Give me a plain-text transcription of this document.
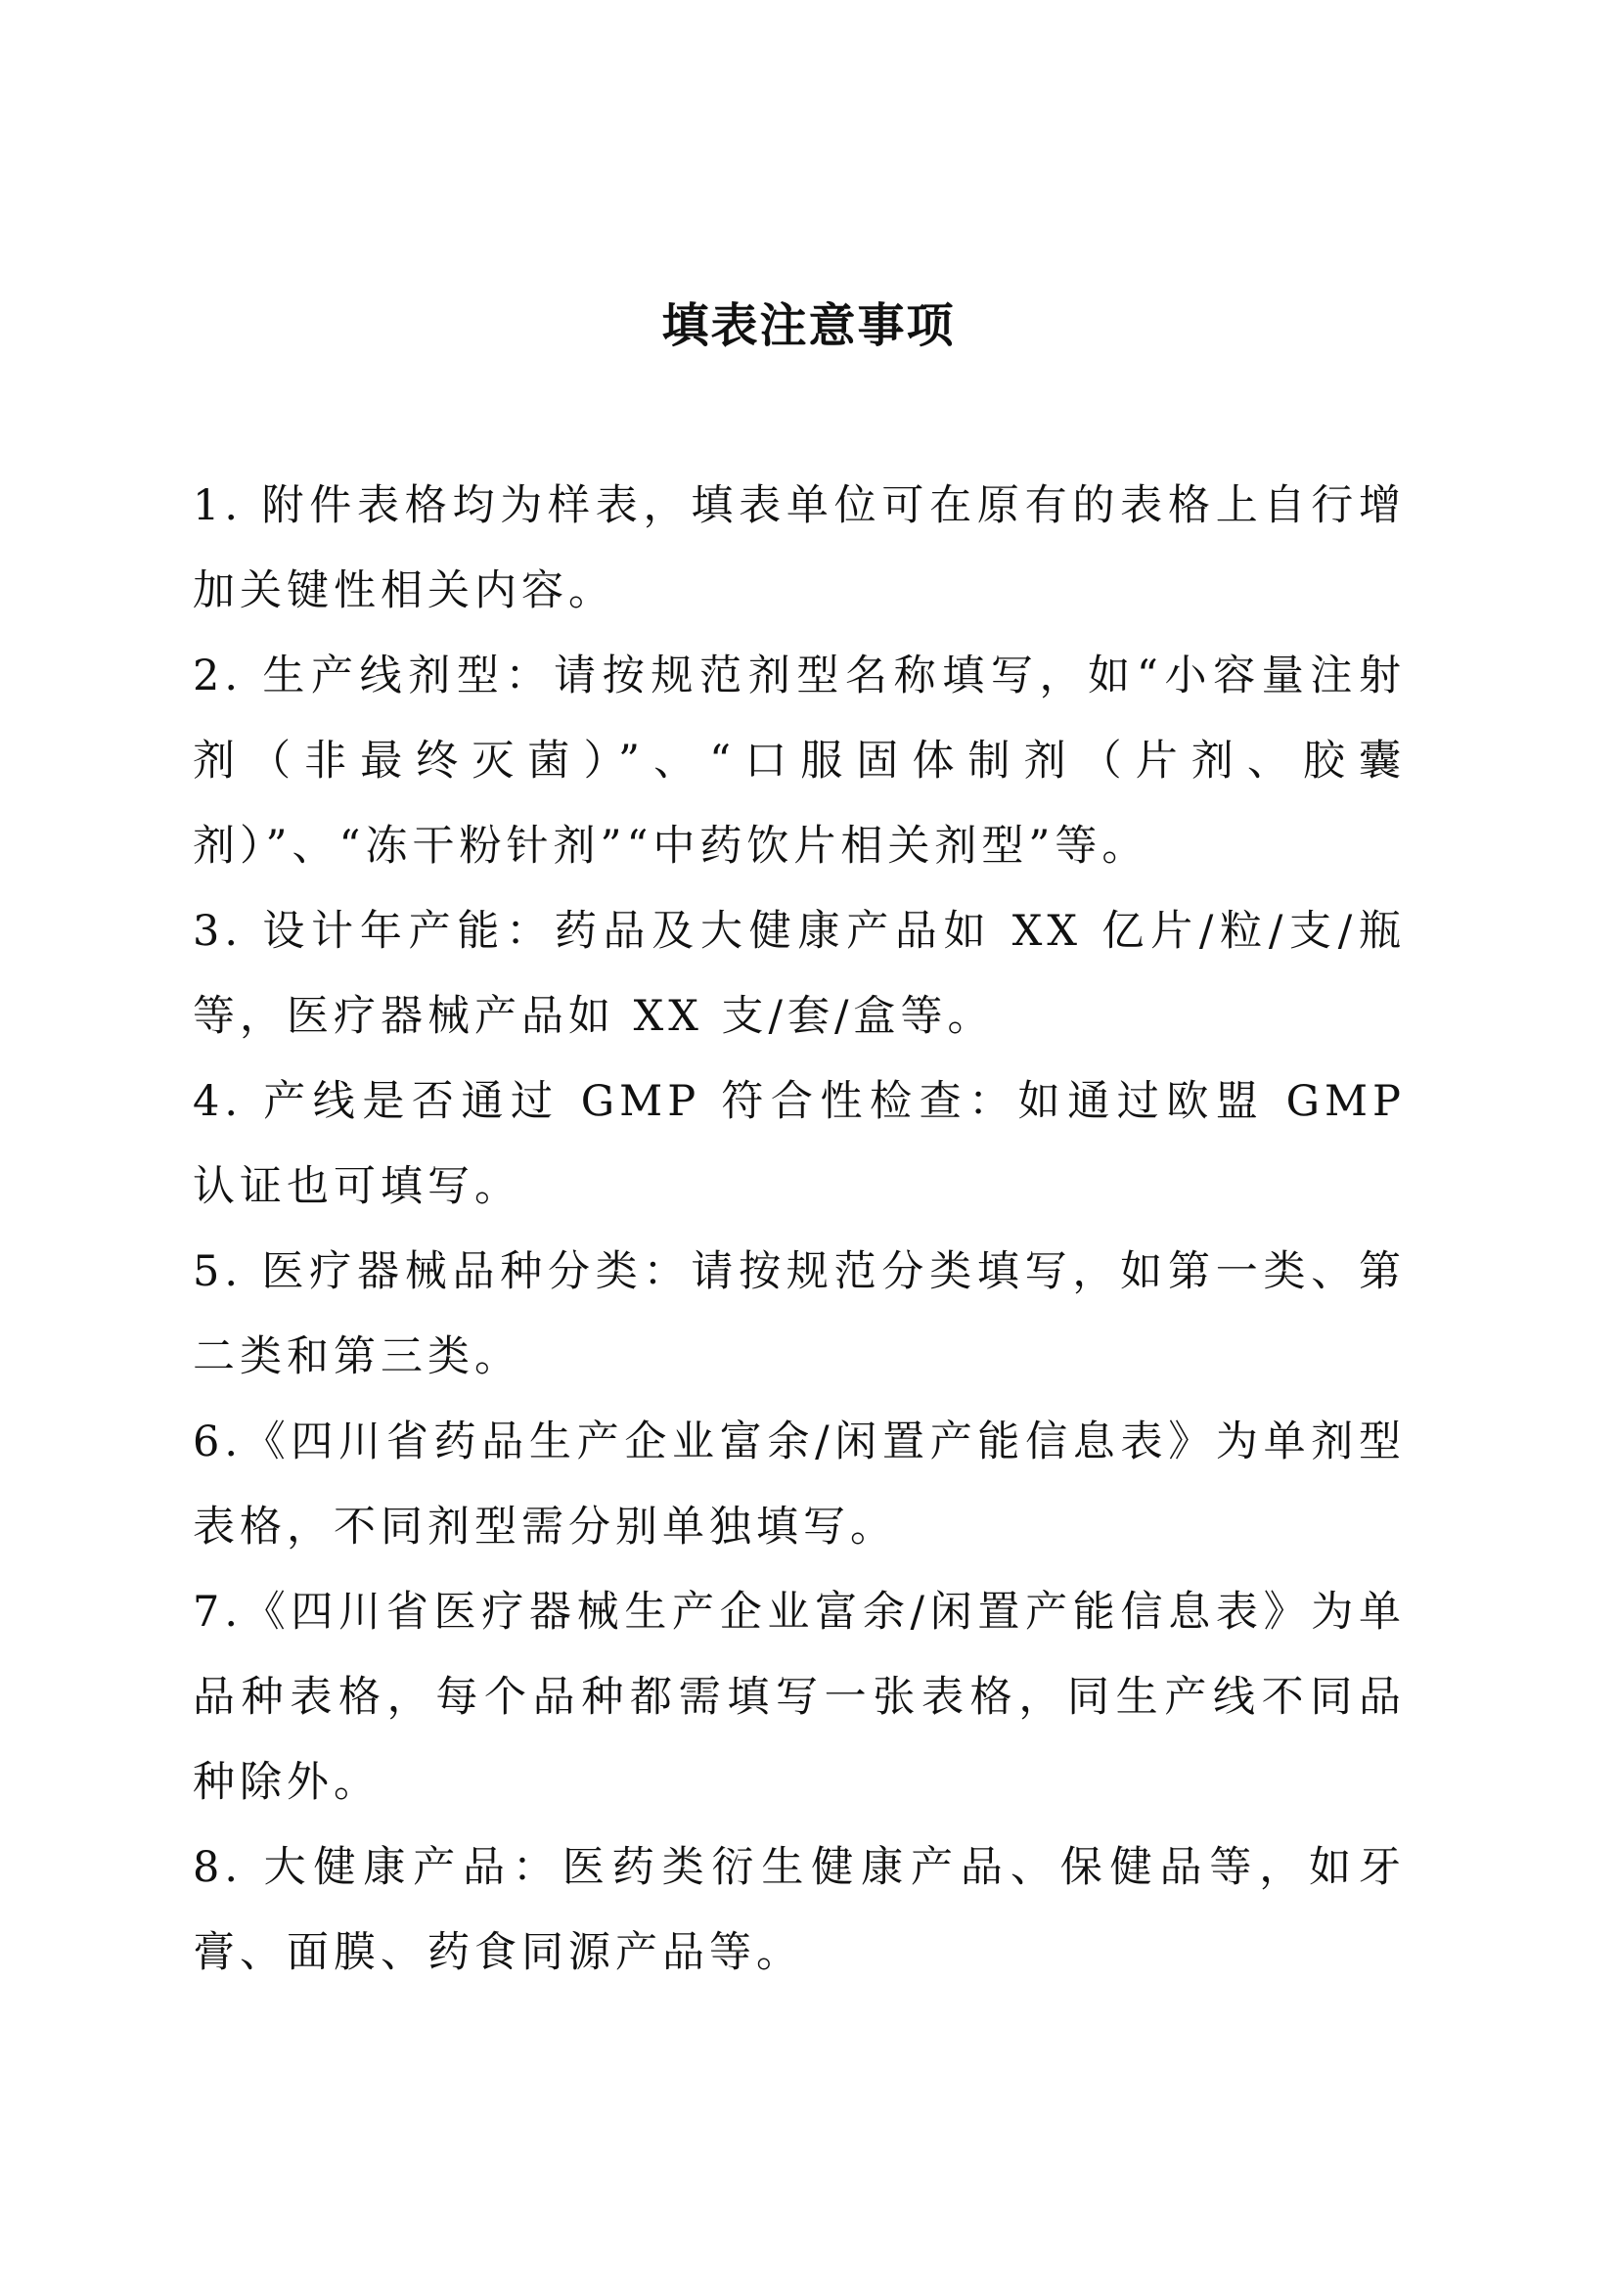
填表注意事项
1. 附件表格均为样表，填表单位可在原有的表格上自行增加关键性相关内容。
2. 生产线剂型：请按规范剂型名称填写，如“小容量注射剂（非最终灭菌）”、“口服固体制剂（片剂、胶囊剂）”、“冻干粉针剂”“中药饮片相关剂型”等。
3. 设计年产能：药品及大健康产品如 XX 亿片/粒/支/瓶等，医疗器械产品如 XX 支/套/盒等。
4. 产线是否通过 GMP 符合性检查：如通过欧盟 GMP 认证也可填写。
5. 医疗器械品种分类：请按规范分类填写，如第一类、第二类和第三类。
6.《四川省药品生产企业富余/闲置产能信息表》为单剂型表格，不同剂型需分别单独填写。
7.《四川省医疗器械生产企业富余/闲置产能信息表》为单品种表格，每个品种都需填写一张表格，同生产线不同品种除外。
8. 大健康产品：医药类衍生健康产品、保健品等，如牙膏、面膜、药食同源产品等。
